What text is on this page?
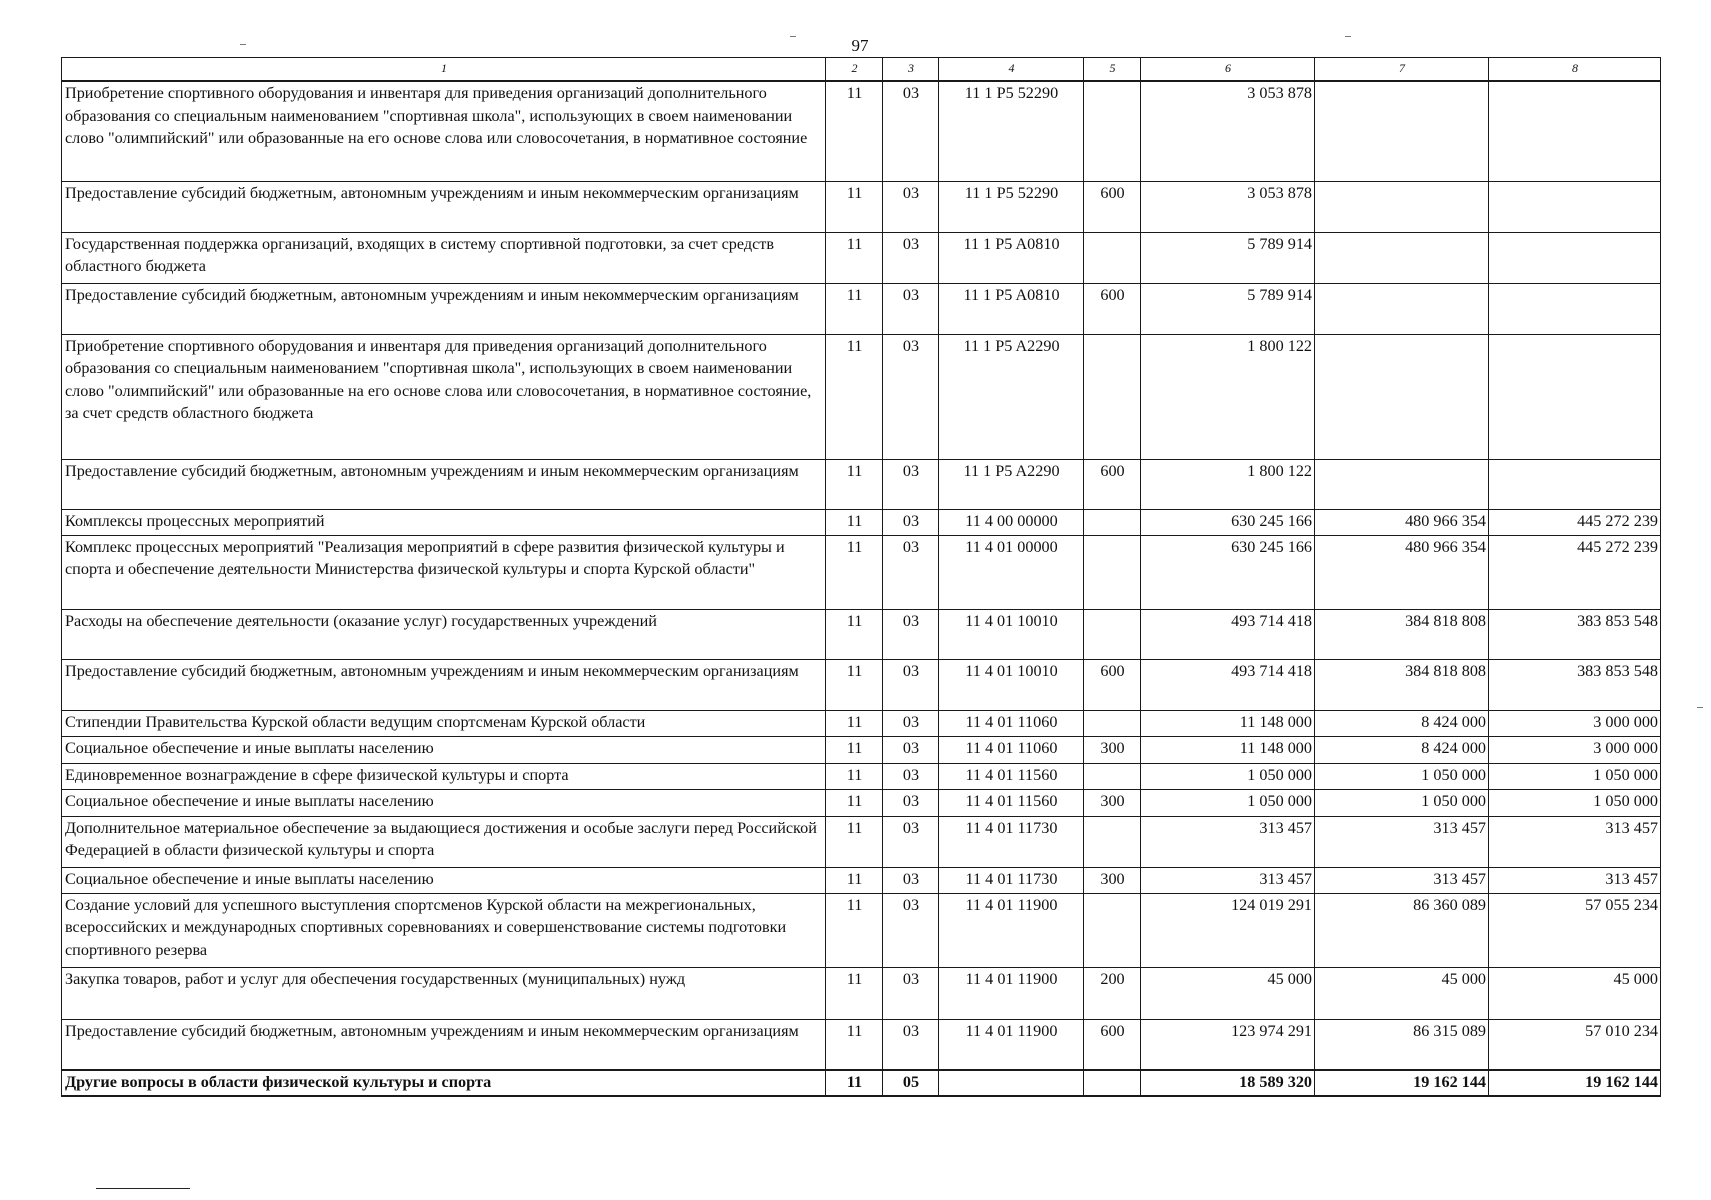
97
1	2	3	4	5	6	7	8
Приобретение спортивного оборудования и инвентаря для приведения организаций дополнительного образования со специальным наименованием "спортивная школа", использующих в своем наименовании слово "олимпийский" или образованные на его основе слова или словосочетания, в нормативное состояние	11	03	11 1 P5 52290		3 053 878		
Предоставление субсидий бюджетным, автономным учреждениям и иным некоммерческим организациям	11	03	11 1 P5 52290	600	3 053 878		
Государственная поддержка организаций, входящих в систему спортивной подготовки, за счет средств областного бюджета	11	03	11 1 P5 A0810		5 789 914		
Предоставление субсидий бюджетным, автономным учреждениям и иным некоммерческим организациям	11	03	11 1 P5 A0810	600	5 789 914		
Приобретение спортивного оборудования и инвентаря для приведения организаций дополнительного образования со специальным наименованием "спортивная школа", использующих в своем наименовании слово "олимпийский" или образованные на его основе слова или словосочетания, в нормативное состояние, за счет средств областного бюджета	11	03	11 1 P5 A2290		1 800 122		
Предоставление субсидий бюджетным, автономным учреждениям и иным некоммерческим организациям	11	03	11 1 P5 A2290	600	1 800 122		
Комплексы процессных мероприятий	11	03	11 4 00 00000		630 245 166	480 966 354	445 272 239
Комплекс процессных мероприятий "Реализация мероприятий в сфере развития физической культуры и спорта и обеспечение деятельности Министерства физической культуры и спорта Курской области"	11	03	11 4 01 00000		630 245 166	480 966 354	445 272 239
Расходы на обеспечение деятельности (оказание услуг) государственных учреждений	11	03	11 4 01 10010		493 714 418	384 818 808	383 853 548
Предоставление субсидий бюджетным, автономным учреждениям и иным некоммерческим организациям	11	03	11 4 01 10010	600	493 714 418	384 818 808	383 853 548
Стипендии Правительства Курской области ведущим спортсменам Курской области	11	03	11 4 01 11060		11 148 000	8 424 000	3 000 000
Социальное обеспечение и иные выплаты населению	11	03	11 4 01 11060	300	11 148 000	8 424 000	3 000 000
Единовременное вознаграждение в сфере физической культуры и спорта	11	03	11 4 01 11560		1 050 000	1 050 000	1 050 000
Социальное обеспечение и иные выплаты населению	11	03	11 4 01 11560	300	1 050 000	1 050 000	1 050 000
Дополнительное материальное обеспечение за выдающиеся достижения и особые заслуги перед Российской Федерацией в области физической культуры и спорта	11	03	11 4 01 11730		313 457	313 457	313 457
Социальное обеспечение и иные выплаты населению	11	03	11 4 01 11730	300	313 457	313 457	313 457
Создание условий для успешного выступления спортсменов Курской области на межрегиональных, всероссийских и международных спортивных соревнованиях и совершенствование системы подготовки спортивного резерва	11	03	11 4 01 11900		124 019 291	86 360 089	57 055 234
Закупка товаров, работ и услуг для обеспечения государственных (муниципальных) нужд	11	03	11 4 01 11900	200	45 000	45 000	45 000
Предоставление субсидий бюджетным, автономным учреждениям и иным некоммерческим организациям	11	03	11 4 01 11900	600	123 974 291	86 315 089	57 010 234
Другие вопросы в области физической культуры и спорта	11	05			18 589 320	19 162 144	19 162 144
